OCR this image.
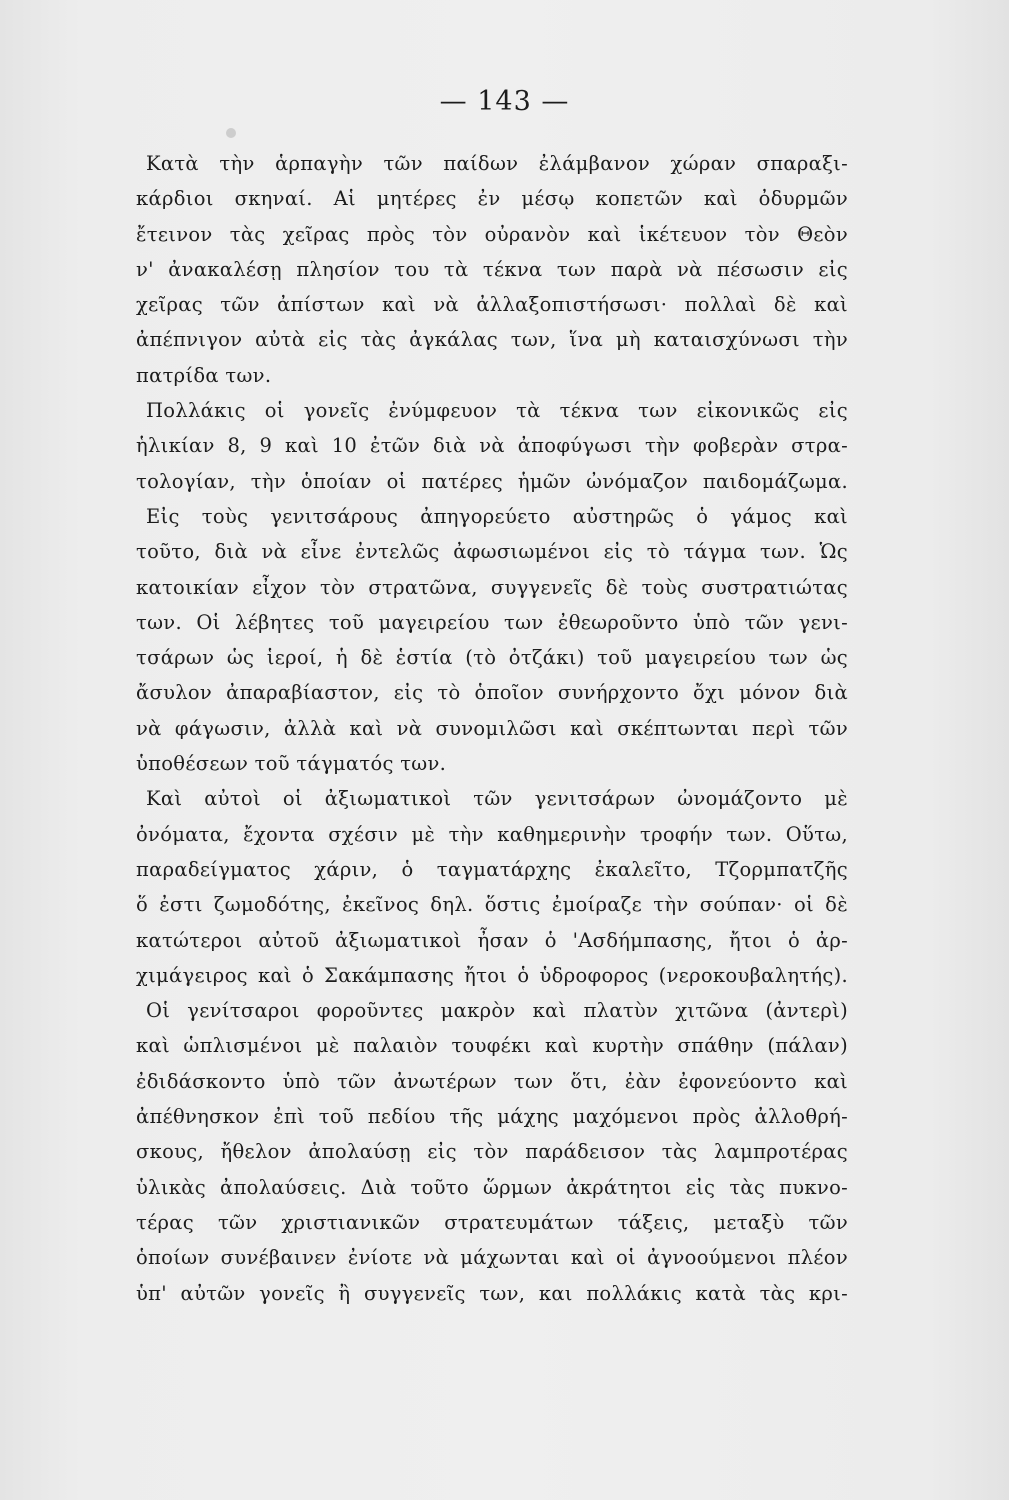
— 143 —

Κατὰ τὴν ἁρπαγὴν τῶν παίδων ἐλάμβανον χώραν σπαραξι-
κάρδιοι σκηναί. Αἱ μητέρες ἐν μέσῳ κοπετῶν καὶ ὀδυρμῶν
ἔτεινον τὰς χεῖρας πρὸς τὸν οὐρανὸν καὶ ἱκέτευον τὸν Θεὸν
ν' ἀνακαλέσῃ πλησίον του τὰ τέκνα των παρὰ νὰ πέσωσιν εἰς
χεῖρας τῶν ἀπίστων καὶ νὰ ἀλλαξοπιστήσωσι· πολλαὶ δὲ καὶ
ἀπέπνιγον αὐτὰ εἰς τὰς ἀγκάλας των, ἵνα μὴ καταισχύνωσι τὴν
πατρίδα των.

Πολλάκις οἱ γονεῖς ἐνύμφευον τὰ τέκνα των εἰκονικῶς εἰς
ἡλικίαν 8, 9 καὶ 10 ἐτῶν διὰ νὰ ἀποφύγωσι τὴν φοβερὰν στρα-
τολογίαν, τὴν ὁποίαν οἱ πατέρες ἡμῶν ὠνόμαζον παιδομάζωμα.

Εἰς τοὺς γενιτσάρους ἀπηγορεύετο αὐστηρῶς ὁ γάμος καὶ
τοῦτο, διὰ νὰ εἶνε ἐντελῶς ἀφωσιωμένοι εἰς τὸ τάγμα των. Ὡς
κατοικίαν εἶχον τὸν στρατῶνα, συγγενεῖς δὲ τοὺς συστρατιώτας
των. Οἱ λέβητες τοῦ μαγειρείου των ἐθεωροῦντο ὑπὸ τῶν γενι-
τσάρων ὡς ἱεροί, ἡ δὲ ἑστία (τὸ ὀτζάκι) τοῦ μαγειρείου των ὡς
ἄσυλον ἀπαραβίαστον, εἰς τὸ ὁποῖον συνήρχοντο ὄχι μόνον διὰ
νὰ φάγωσιν, ἀλλὰ καὶ νὰ συνομιλῶσι καὶ σκέπτωνται περὶ τῶν
ὑποθέσεων τοῦ τάγματός των.

Καὶ αὐτοὶ οἱ ἀξιωματικοὶ τῶν γενιτσάρων ὠνομάζοντο μὲ
ὀνόματα, ἔχοντα σχέσιν μὲ τὴν καθημερινὴν τροφήν των. Οὕτω,
παραδείγματος χάριν, ὁ ταγματάρχης ἐκαλεῖτο, Τζορμπατζῆς
ὅ ἐστι ζωμοδότης, ἐκεῖνος δηλ. ὅστις ἐμοίραζε τὴν σούπαν· οἱ δὲ
κατώτεροι αὐτοῦ ἀξιωματικοὶ ἦσαν ὁ 'Ασδήμπασης, ἤτοι ὁ ἀρ-
χιμάγειρος καὶ ὁ Σακάμπασης ἤτοι ὁ ὑδροφορος (νεροκουβαλητής).

Οἱ γενίτσαροι φοροῦντες μακρὸν καὶ πλατὺν χιτῶνα (ἀντερὶ)
καὶ ὡπλισμένοι μὲ παλαιὸν τουφέκι καὶ κυρτὴν σπάθην (πάλαν)
ἐδιδάσκοντο ὑπὸ τῶν ἀνωτέρων των ὅτι, ἐὰν ἐφονεύοντο καὶ
ἀπέθνησκον ἐπὶ τοῦ πεδίου τῆς μάχης μαχόμενοι πρὸς ἀλλοθρή-
σκους, ἤθελον ἀπολαύσῃ εἰς τὸν παράδεισον τὰς λαμπροτέρας
ὑλικὰς ἀπολαύσεις. Διὰ τοῦτο ὥρμων ἀκράτητοι εἰς τὰς πυκνο-
τέρας τῶν χριστιανικῶν στρατευμάτων τάξεις, μεταξὺ τῶν
ὁποίων συνέβαινεν ἐνίοτε νὰ μάχωνται καὶ οἱ ἀγνοούμενοι πλέον
ὑπ' αὐτῶν γονεῖς ἢ συγγενεῖς των, και πολλάκις κατὰ τὰς κρι-
